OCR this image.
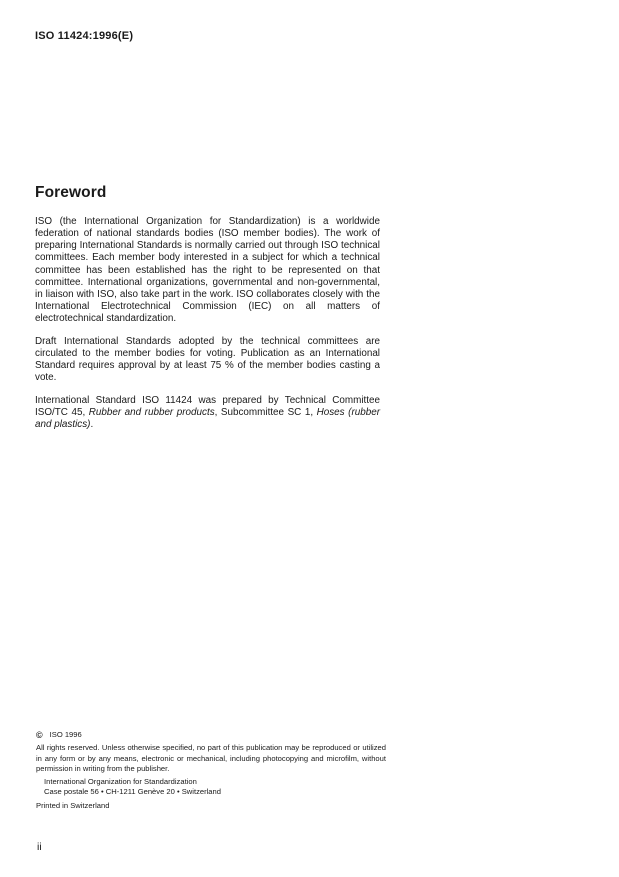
ISO 11424:1996(E)
Foreword

ISO (the International Organization for Standardization) is a worldwide federation of national standards bodies (ISO member bodies). The work of preparing International Standards is normally carried out through ISO technical committees. Each member body interested in a subject for which a technical committee has been established has the right to be represented on that committee. International organizations, governmental and non-governmental, in liaison with ISO, also take part in the work. ISO collaborates closely with the International Electrotechnical Commission (IEC) on all matters of electrotechnical standardization.

Draft International Standards adopted by the technical committees are circulated to the member bodies for voting. Publication as an International Standard requires approval by at least 75 % of the member bodies casting a vote.

International Standard ISO 11424 was prepared by Technical Committee ISO/TC 45, Rubber and rubber products, Subcommittee SC 1, Hoses (rubber and plastics).

© ISO 1996

All rights reserved. Unless otherwise specified, no part of this publication may be reproduced or utilized in any form or by any means, electronic or mechanical, including photocopying and microfilm, without permission in writing from the publisher.

International Organization for Standardization
Case postale 56 • CH-1211 Genève 20 • Switzerland
Printed in Switzerland
ii
